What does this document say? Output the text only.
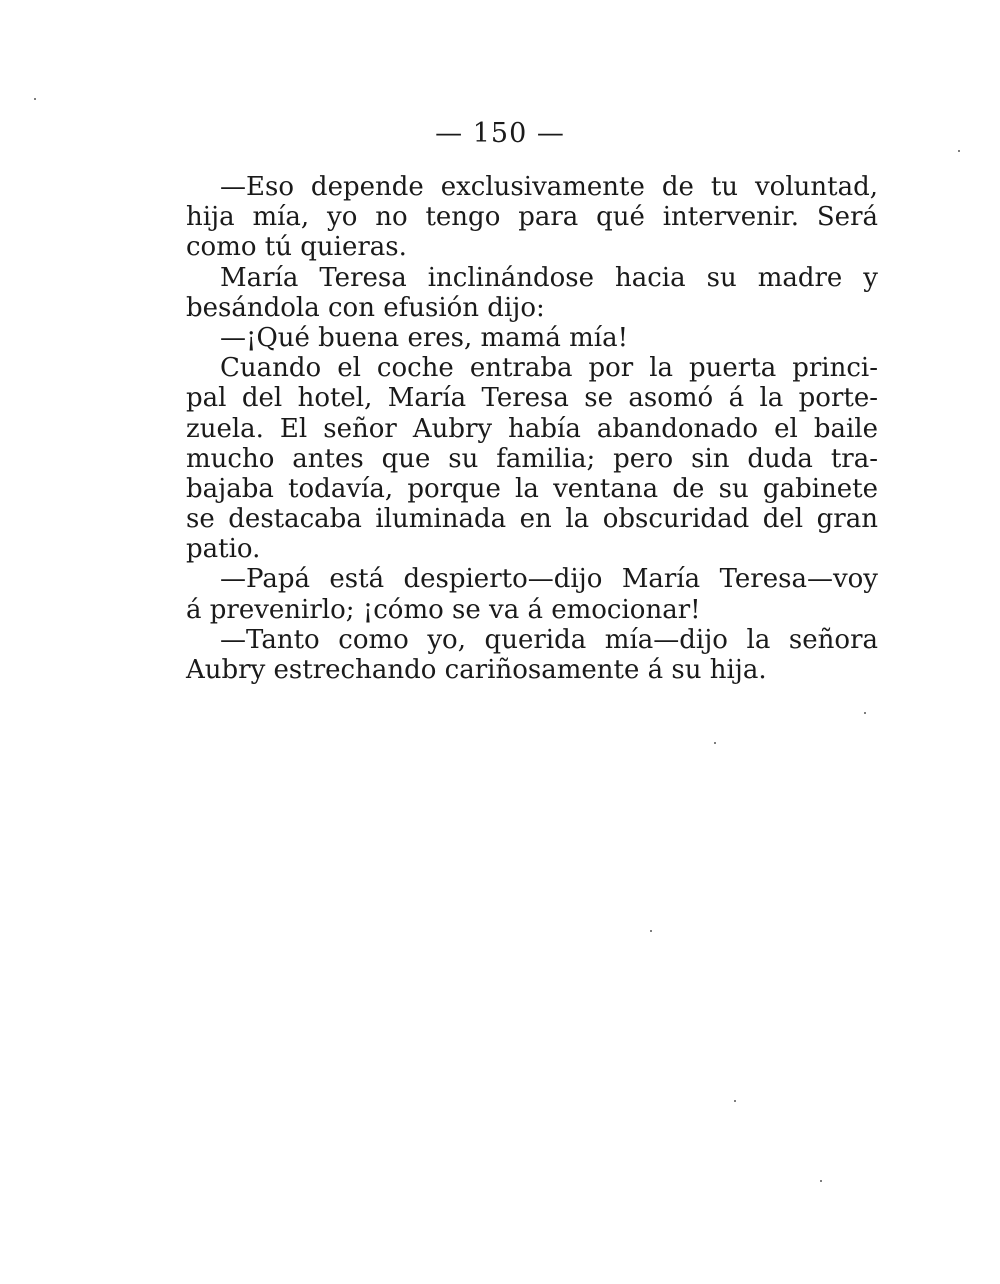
— 150 —
—Eso depende exclusivamente de tu voluntad,
hija mía, yo no tengo para qué intervenir. Será
como tú quieras.
María Teresa inclinándose hacia su madre y
besándola con efusión dijo:
—¡Qué buena eres, mamá mía!
Cuando el coche entraba por la puerta princi-
pal del hotel, María Teresa se asomó á la porte-
zuela. El señor Aubry había abandonado el baile
mucho antes que su familia; pero sin duda tra-
bajaba todavía, porque la ventana de su gabinete
se destacaba iluminada en la obscuridad del gran
patio.
—Papá está despierto—dijo María Teresa—voy
á prevenirlo; ¡cómo se va á emocionar!
—Tanto como yo, querida mía—dijo la señora
Aubry estrechando cariñosamente á su hija.
